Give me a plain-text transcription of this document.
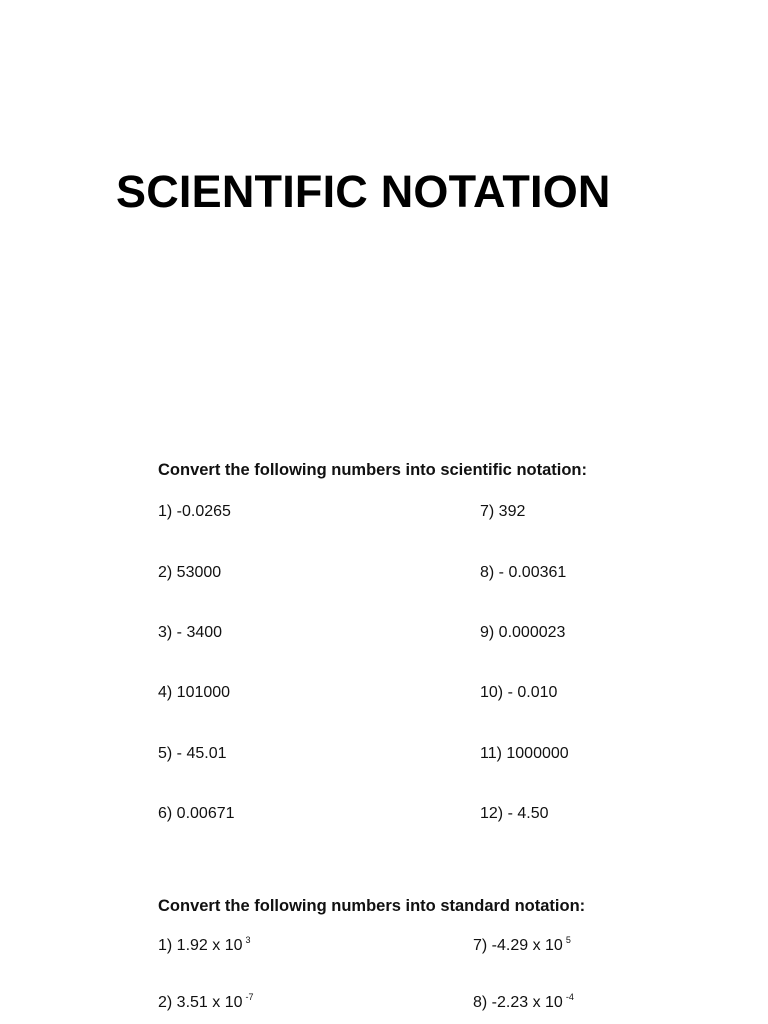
SCIENTIFIC NOTATION
Convert the following numbers into scientific notation:
1) -0.0265
2) 53000
3) - 3400
4) 101000
5) - 45.01
6) 0.00671
7) 392
8) - 0.00361
9) 0.000023
10) - 0.010
11) 1000000
12) - 4.50
Convert the following numbers into standard notation:
1) 1.92 x 10 $^3$
2) 3.51 x 10 $^{-7}$
7) -4.29 x 10 $^5$
8) -2.23 x 10 $^{-4}$
